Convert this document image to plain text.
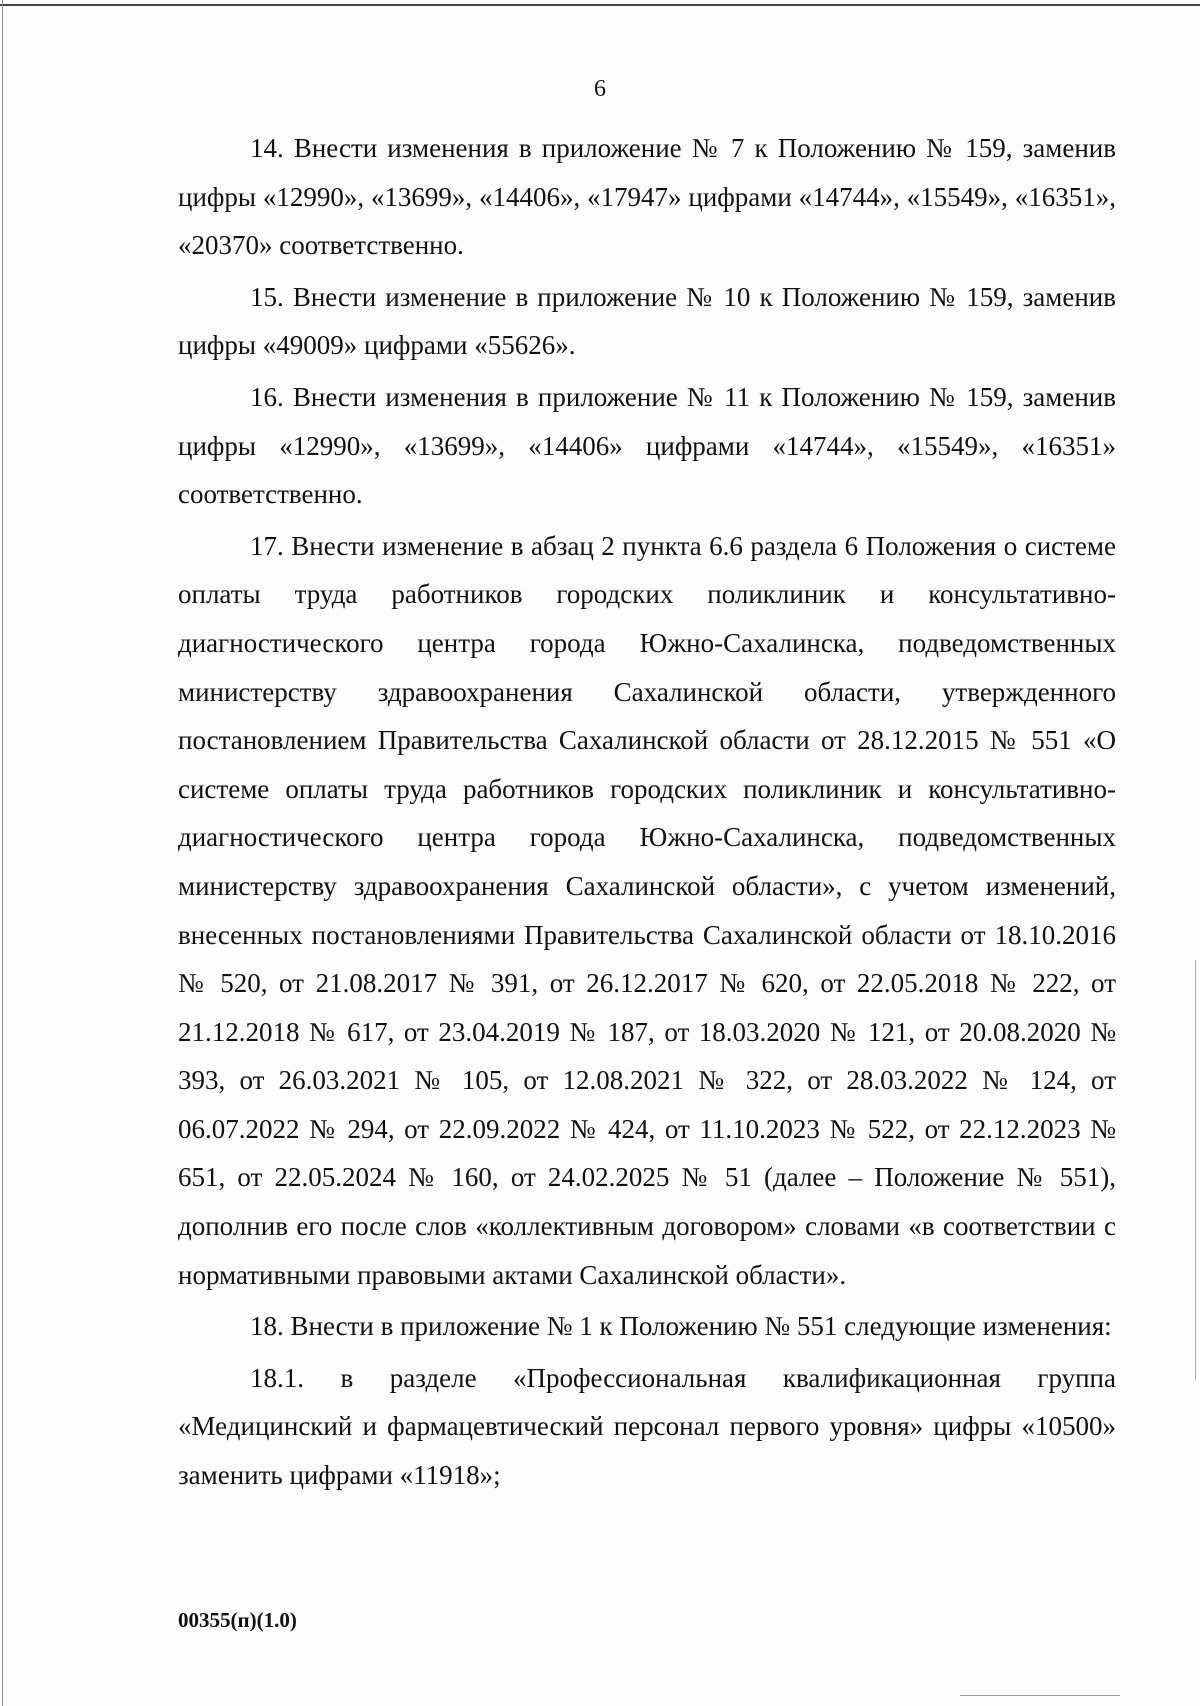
6

14. Внести изменения в приложение № 7 к Положению № 159, заменив цифры «12990», «13699», «14406», «17947» цифрами «14744», «15549», «16351», «20370» соответственно.

15. Внести изменение в приложение № 10 к Положению № 159, заменив цифры «49009» цифрами «55626».

16. Внести изменения в приложение № 11 к Положению № 159, заменив цифры «12990», «13699», «14406» цифрами «14744», «15549», «16351» соответственно.

17. Внести изменение в абзац 2 пункта 6.6 раздела 6 Положения о системе оплаты труда работников городских поликлиник и консультативно-диагностического центра города Южно-Сахалинска, подведомственных министерству здравоохранения Сахалинской области, утвержденного постановлением Правительства Сахалинской области от 28.12.2015 № 551 «О системе оплаты труда работников городских поликлиник и консультативно-диагностического центра города Южно-Сахалинска, подведомственных министерству здравоохранения Сахалинской области», с учетом изменений, внесенных постановлениями Правительства Сахалинской области от 18.10.2016 № 520, от 21.08.2017 № 391, от 26.12.2017 № 620, от 22.05.2018 № 222, от 21.12.2018 № 617, от 23.04.2019 № 187, от 18.03.2020 № 121, от 20.08.2020 № 393, от 26.03.2021 № 105, от 12.08.2021 № 322, от 28.03.2022 № 124, от 06.07.2022 № 294, от 22.09.2022 № 424, от 11.10.2023 № 522, от 22.12.2023 № 651, от 22.05.2024 № 160, от 24.02.2025 № 51 (далее – Положение № 551), дополнив его после слов «коллективным договором» словами «в соответствии с нормативными правовыми актами Сахалинской области».

18. Внести в приложение № 1 к Положению № 551 следующие изменения:

18.1. в разделе «Профессиональная квалификационная группа «Медицинский и фармацевтический персонал первого уровня» цифры «10500» заменить цифрами «11918»;

00355(п)(1.0)
